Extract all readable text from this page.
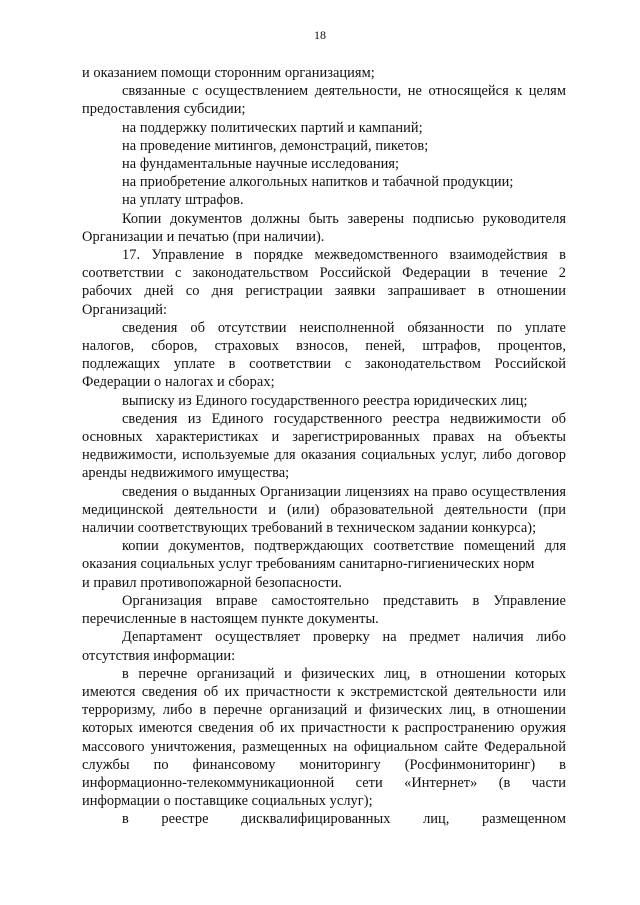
18

и оказанием помощи сторонним организациям;

связанные с осуществлением деятельности, не относящейся к целям предоставления субсидии;

на поддержку политических партий и кампаний;

на проведение митингов, демонстраций, пикетов;

на фундаментальные научные исследования;

на приобретение алкогольных напитков и табачной продукции;

на уплату штрафов.

Копии документов должны быть заверены подписью руководителя Организации и печатью (при наличии).

17. Управление в порядке межведомственного взаимодействия в соответствии с законодательством Российской Федерации в течение 2 рабочих дней со дня регистрации заявки запрашивает в отношении Организаций:

сведения об отсутствии неисполненной обязанности по уплате налогов, сборов, страховых взносов, пеней, штрафов, процентов, подлежащих уплате в соответствии с законодательством Российской Федерации о налогах и сборах;

выписку из Единого государственного реестра юридических лиц;

сведения из Единого государственного реестра недвижимости об основных характеристиках и зарегистрированных правах на объекты недвижимости, используемые для оказания социальных услуг, либо договор аренды недвижимого имущества;

сведения о выданных Организации лицензиях на право осуществления медицинской деятельности и (или) образовательной деятельности (при наличии соответствующих требований в техническом задании конкурса);

копии документов, подтверждающих соответствие помещений для оказания социальных услуг требованиям санитарно-гигиенических норм

и правил противопожарной безопасности.

Организация вправе самостоятельно представить в Управление перечисленные в настоящем пункте документы.

Департамент осуществляет проверку на предмет наличия либо отсутствия информации:

в перечне организаций и физических лиц, в отношении которых имеются сведения об их причастности к экстремистской деятельности или терроризму, либо в перечне организаций и физических лиц, в отношении которых имеются сведения об их причастности к распространению оружия массового уничтожения, размещенных на официальном сайте Федеральной службы по финансовому мониторингу (Росфинмониторинг) в информационно-телекоммуникационной сети «Интернет» (в части информации о поставщике социальных услуг);

в реестре дисквалифицированных лиц, размещенном
